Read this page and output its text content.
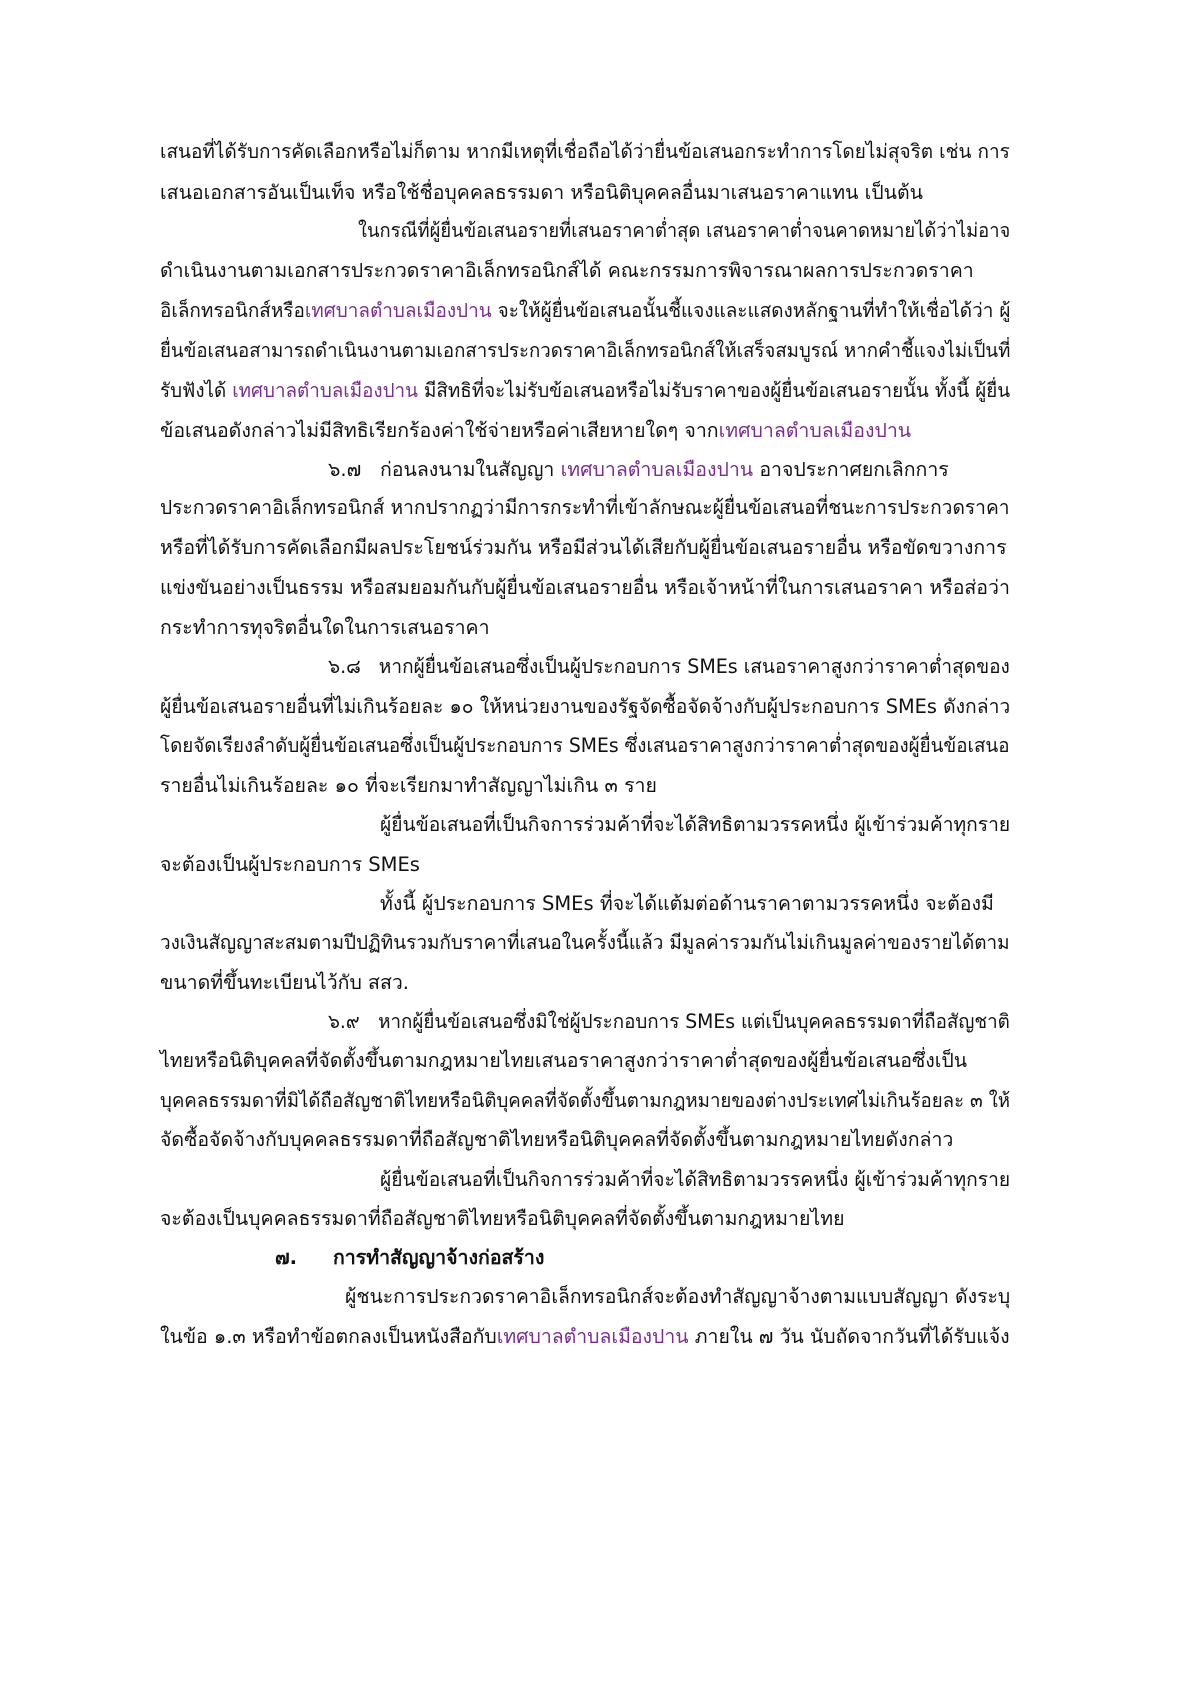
เสนอที่ได้รับการคัดเลือกหรือไม่ก็ตาม หากมีเหตุที่เชื่อถือได้ว่ายื่นข้อเสนอกระทำการโดยไม่สุจริต เช่น การ
เสนอเอกสารอันเป็นเท็จ หรือใช้ชื่อบุคคลธรรมดา หรือนิติบุคคลอื่นมาเสนอราคาแทน เป็นต้น
ในกรณีที่ผู้ยื่นข้อเสนอรายที่เสนอราคาต่ำสุด เสนอราคาต่ำจนคาดหมายได้ว่าไม่อาจ
ดำเนินงานตามเอกสารประกวดราคาอิเล็กทรอนิกส์ได้ คณะกรรมการพิจารณาผลการประกวดราคา
อิเล็กทรอนิกส์หรือเทศบาลตำบลเมืองปาน จะให้ผู้ยื่นข้อเสนอนั้นชี้แจงและแสดงหลักฐานที่ทำให้เชื่อได้ว่า ผู้
ยื่นข้อเสนอสามารถดำเนินงานตามเอกสารประกวดราคาอิเล็กทรอนิกส์ให้เสร็จสมบูรณ์ หากคำชี้แจงไม่เป็นที่
รับฟังได้ เทศบาลตำบลเมืองปาน มีสิทธิที่จะไม่รับข้อเสนอหรือไม่รับราคาของผู้ยื่นข้อเสนอรายนั้น ทั้งนี้ ผู้ยื่น
ข้อเสนอดังกล่าวไม่มีสิทธิเรียกร้องค่าใช้จ่ายหรือค่าเสียหายใดๆ จากเทศบาลตำบลเมืองปาน
๖.๗ ก่อนลงนามในสัญญา เทศบาลตำบลเมืองปาน อาจประกาศยกเลิกการ
ประกวดราคาอิเล็กทรอนิกส์ หากปรากฏว่ามีการกระทำที่เข้าลักษณะผู้ยื่นข้อเสนอที่ชนะการประกวดราคา
หรือที่ได้รับการคัดเลือกมีผลประโยชน์ร่วมกัน หรือมีส่วนได้เสียกับผู้ยื่นข้อเสนอรายอื่น หรือขัดขวางการ
แข่งขันอย่างเป็นธรรม หรือสมยอมกันกับผู้ยื่นข้อเสนอรายอื่น หรือเจ้าหน้าที่ในการเสนอราคา หรือส่อว่า
กระทำการทุจริตอื่นใดในการเสนอราคา
๖.๘ หากผู้ยื่นข้อเสนอซึ่งเป็นผู้ประกอบการ SMEs เสนอราคาสูงกว่าราคาต่ำสุดของ
ผู้ยื่นข้อเสนอรายอื่นที่ไม่เกินร้อยละ ๑๐ ให้หน่วยงานของรัฐจัดซื้อจัดจ้างกับผู้ประกอบการ SMEs ดังกล่าว
โดยจัดเรียงลำดับผู้ยื่นข้อเสนอซึ่งเป็นผู้ประกอบการ SMEs ซึ่งเสนอราคาสูงกว่าราคาต่ำสุดของผู้ยื่นข้อเสนอ
รายอื่นไม่เกินร้อยละ ๑๐ ที่จะเรียกมาทำสัญญาไม่เกิน ๓ ราย
ผู้ยื่นข้อเสนอที่เป็นกิจการร่วมค้าที่จะได้สิทธิตามวรรคหนึ่ง ผู้เข้าร่วมค้าทุกราย
จะต้องเป็นผู้ประกอบการ SMEs
ทั้งนี้ ผู้ประกอบการ SMEs ที่จะได้แต้มต่อด้านราคาตามวรรคหนึ่ง จะต้องมี
วงเงินสัญญาสะสมตามปีปฏิทินรวมกับราคาที่เสนอในครั้งนี้แล้ว มีมูลค่ารวมกันไม่เกินมูลค่าของรายได้ตาม
ขนาดที่ขึ้นทะเบียนไว้กับ สสว.
๖.๙ หากผู้ยื่นข้อเสนอซึ่งมิใช่ผู้ประกอบการ SMEs แต่เป็นบุคคลธรรมดาที่ถือสัญชาติ
ไทยหรือนิติบุคคลที่จัดตั้งขึ้นตามกฎหมายไทยเสนอราคาสูงกว่าราคาต่ำสุดของผู้ยื่นข้อเสนอซึ่งเป็น
บุคคลธรรมดาที่มิได้ถือสัญชาติไทยหรือนิติบุคคลที่จัดตั้งขึ้นตามกฎหมายของต่างประเทศไม่เกินร้อยละ ๓ ให้
จัดซื้อจัดจ้างกับบุคคลธรรมดาที่ถือสัญชาติไทยหรือนิติบุคคลที่จัดตั้งขึ้นตามกฎหมายไทยดังกล่าว
ผู้ยื่นข้อเสนอที่เป็นกิจการร่วมค้าที่จะได้สิทธิตามวรรคหนึ่ง ผู้เข้าร่วมค้าทุกราย
จะต้องเป็นบุคคลธรรมดาที่ถือสัญชาติไทยหรือนิติบุคคลที่จัดตั้งขึ้นตามกฎหมายไทย
๗. การทำสัญญาจ้างก่อสร้าง
ผู้ชนะการประกวดราคาอิเล็กทรอนิกส์จะต้องทำสัญญาจ้างตามแบบสัญญา ดังระบุ
ในข้อ ๑.๓ หรือทำข้อตกลงเป็นหนังสือกับเทศบาลตำบลเมืองปาน ภายใน ๗ วัน นับถัดจากวันที่ได้รับแจ้ง
